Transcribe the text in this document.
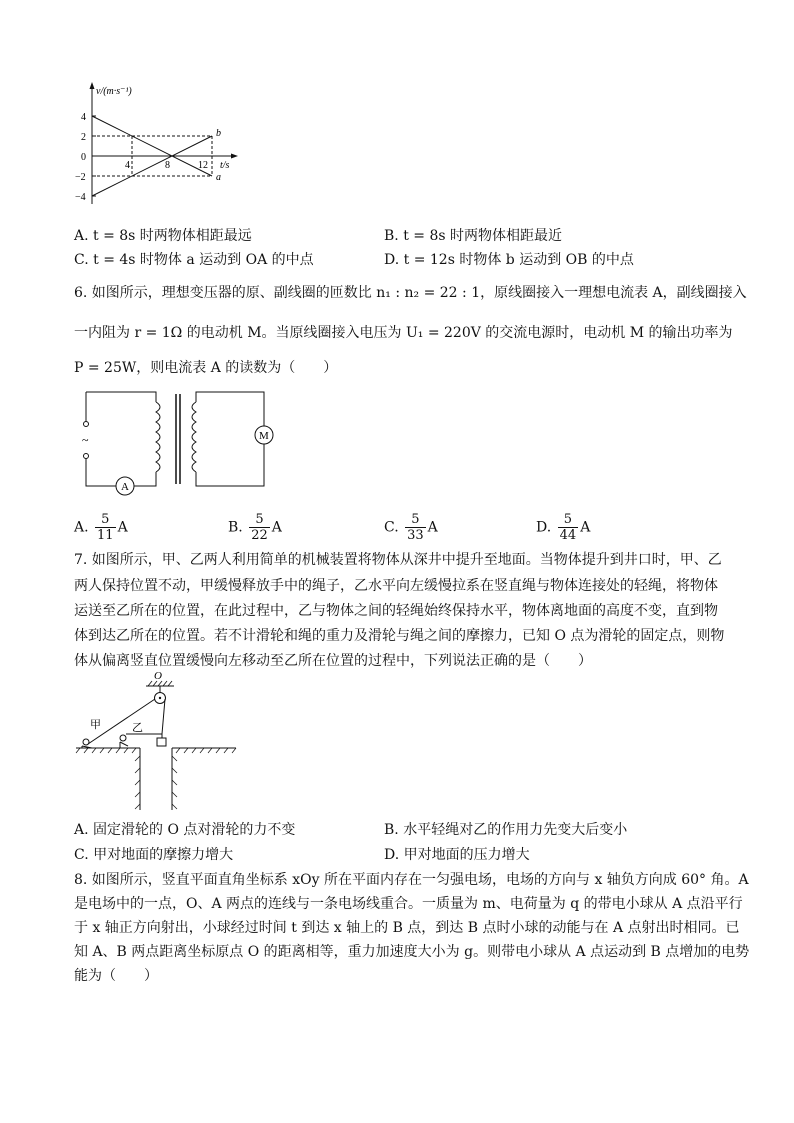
v/(m·s⁻¹)
t/s
4
2
0
−2
−4
4	8	12
b
a
A. t = 8s 时两物体相距最远	B. t = 8s 时两物体相距最近
C. t = 4s 时物体 a 运动到 OA 的中点	D. t = 12s 时物体 b 运动到 OB 的中点
6. 如图所示，理想变压器的原、副线圈的匝数比 n₁ : n₂ = 22 : 1，原线圈接入一理想电流表 A，副线圈接入
一内阻为 r = 1Ω 的电动机 M。当原线圈接入电压为 U₁ = 220V 的交流电源时，电动机 M 的输出功率为
P = 25W，则电流表 A 的读数为（　　）
~
A
M
A. $\frac{5}{11}$ A	B. $\frac{5}{22}$ A	C. $\frac{5}{33}$ A	D. $\frac{5}{44}$ A
7. 如图所示，甲、乙两人利用简单的机械装置将物体从深井中提升至地面。当物体提升到井口时，甲、乙
两人保持位置不动，甲缓慢释放手中的绳子，乙水平向左缓慢拉系在竖直绳与物体连接处的轻绳，将物体
运送至乙所在的位置，在此过程中，乙与物体之间的轻绳始终保持水平，物体离地面的高度不变，直到物
体到达乙所在的位置。若不计滑轮和绳的重力及滑轮与绳之间的摩擦力，已知 O 点为滑轮的固定点，则物
体从偏离竖直位置缓慢向左移动至乙所在位置的过程中，下列说法正确的是（　　）
O
甲	乙
A. 固定滑轮的 O 点对滑轮的力不变	B. 水平轻绳对乙的作用力先变大后变小
C. 甲对地面的摩擦力增大	D. 甲对地面的压力增大
8. 如图所示，竖直平面直角坐标系 xOy 所在平面内存在一匀强电场，电场的方向与 x 轴负方向成 60° 角。A
是电场中的一点，O、A 两点的连线与一条电场线重合。一质量为 m、电荷量为 q 的带电小球从 A 点沿平行
于 x 轴正方向射出，小球经过时间 t 到达 x 轴上的 B 点，到达 B 点时小球的动能与在 A 点射出时相同。已
知 A、B 两点距离坐标原点 O 的距离相等，重力加速度大小为 g。则带电小球从 A 点运动到 B 点增加的电势
能为（　　）
